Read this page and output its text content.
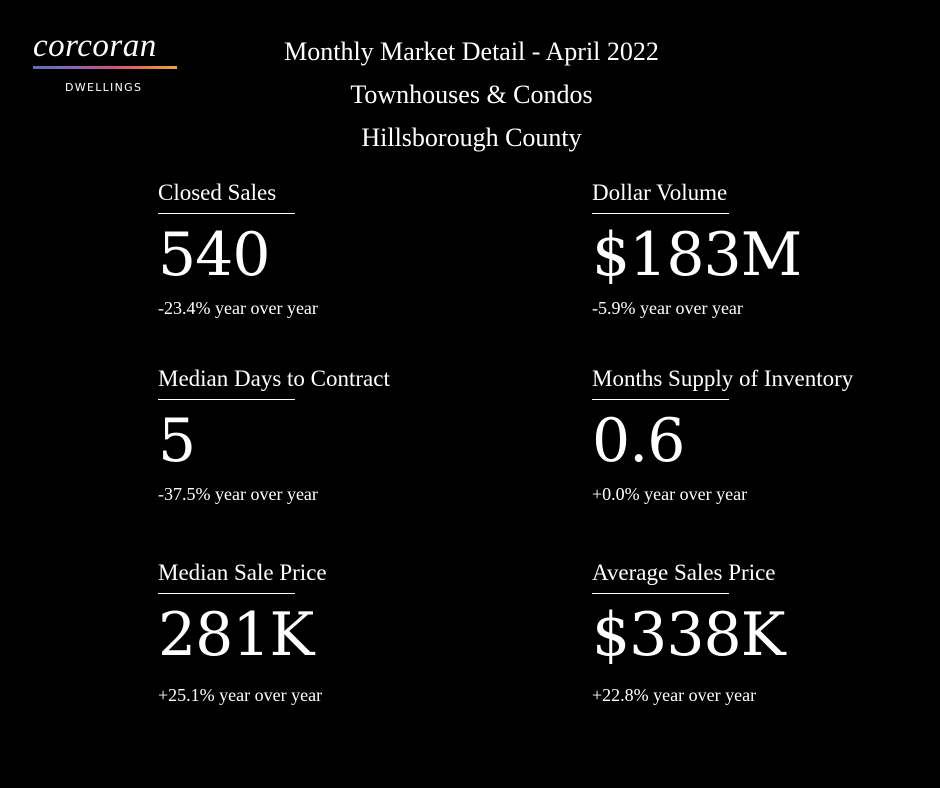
corcoran
DWELLINGS
Monthly Market Detail - April 2022
Townhouses & Condos
Hillsborough County
Closed Sales
540
-23.4% year over year
Dollar Volume
$183M
-5.9% year over year
Median Days to Contract
5
-37.5% year over year
Months Supply of Inventory
0.6
+0.0% year over year
Median Sale Price
281K
+25.1% year over year
Average Sales Price
$338K
+22.8% year over year
